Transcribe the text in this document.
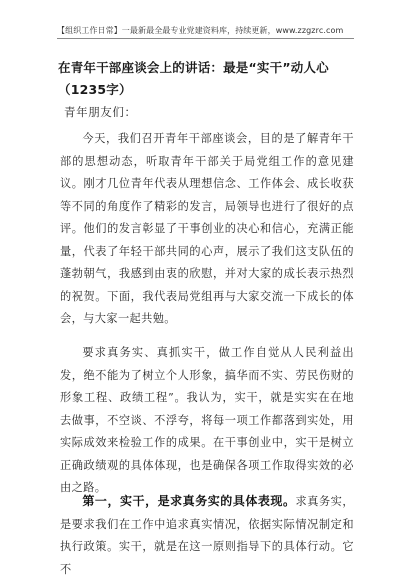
【组织工作日常】一最新最全最专业党建资料库，持续更新，www.zzgzrc.com
在青年干部座谈会上的讲话：最是“实干”动人心（1235字）
青年朋友们：

今天，我们召开青年干部座谈会，目的是了解青年干部的思想动态，听取青年干部关于局党组工作的意见建议。刚才几位青年代表从理想信念、工作体会、成长收获等不同的角度作了精彩的发言，局领导也进行了很好的点评。他们的发言彰显了干事创业的决心和信心，充满正能量，代表了年轻干部共同的心声，展示了我们这支队伍的蓬勃朝气，我感到由衷的欣慰，并对大家的成长表示热烈的祝贺。下面，我代表局党组再与大家交流一下成长的体会，与大家一起共勉。

要求真务实、真抓实干，做工作自觉从人民利益出发，绝不能为了树立个人形象，搞华而不实、劳民伤财的形象工程、政绩工程”。我认为，实干，就是实实在在地去做事，不空谈、不浮夸，将每一项工作都落到实处，用实际成效来检验工作的成果。在干事创业中，实干是树立正确政绩观的具体体现，也是确保各项工作取得实效的必由之路。

第一，实干，是求真务实的具体表现。求真务实，是要求我们在工作中追求真实情况，依据实际情况制定和执行政策。实干，就是在这一原则指导下的具体行动。它不
